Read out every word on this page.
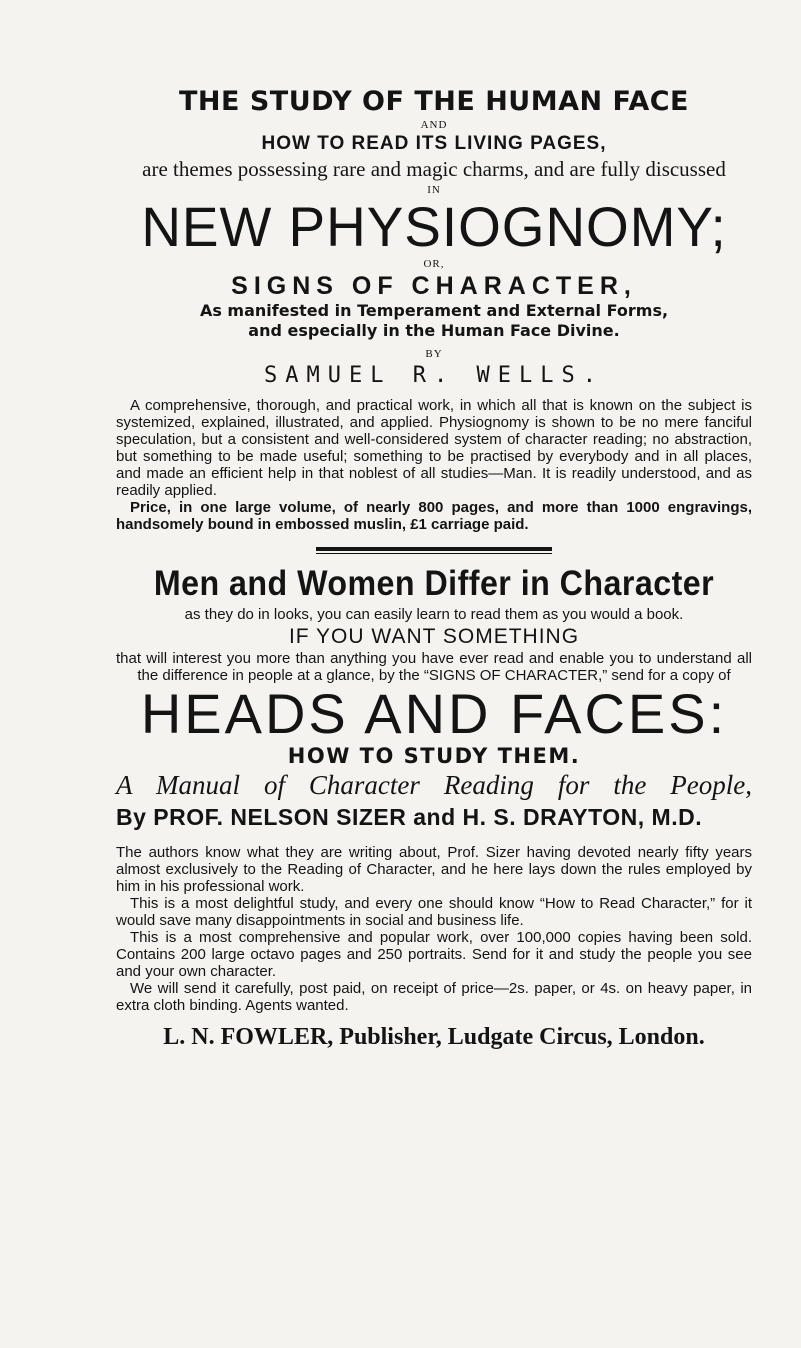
THE STUDY OF THE HUMAN FACE
AND
HOW TO READ ITS LIVING PAGES,
are themes possessing rare and magic charms, and are fully discussed
IN
NEW PHYSIOGNOMY;
OR,
SIGNS OF CHARACTER,
As manifested in Temperament and External Forms,
and especially in the Human Face Divine.
BY
SAMUEL R. WELLS.

A comprehensive, thorough, and practical work, in which all that is known on the subject is systemized, explained, illustrated, and applied. Physiognomy is shown to be no mere fanciful speculation, but a consistent and well-considered system of character reading; no abstraction, but something to be made useful; something to be practised by everybody and in all places, and made an efficient help in that noblest of all studies—Man. It is readily understood, and as readily applied.

Price, in one large volume, of nearly 800 pages, and more than 1000 engravings, handsomely bound in embossed muslin, £1 carriage paid.

Men and Women Differ in Character
as they do in looks, you can easily learn to read them as you would a book.
IF YOU WANT SOMETHING

that will interest you more than anything you have ever read and enable you to understand all the difference in people at a glance, by the “SIGNS OF CHARACTER,” send for a copy of

HEADS AND FACES:
HOW TO STUDY THEM.
A Manual of Character Reading for the People,
By PROF. NELSON SIZER and H. S. DRAYTON, M.D.

The authors know what they are writing about, Prof. Sizer having devoted nearly fifty years almost exclusively to the Reading of Character, and he here lays down the rules employed by him in his professional work.

This is a most delightful study, and every one should know “How to Read Character,” for it would save many disappointments in social and business life.

This is a most comprehensive and popular work, over 100,000 copies having been sold. Contains 200 large octavo pages and 250 portraits. Send for it and study the people you see and your own character.

We will send it carefully, post paid, on receipt of price—2s. paper, or 4s. on heavy paper, in extra cloth binding. Agents wanted.

L. N. FOWLER, Publisher, Ludgate Circus, London.
